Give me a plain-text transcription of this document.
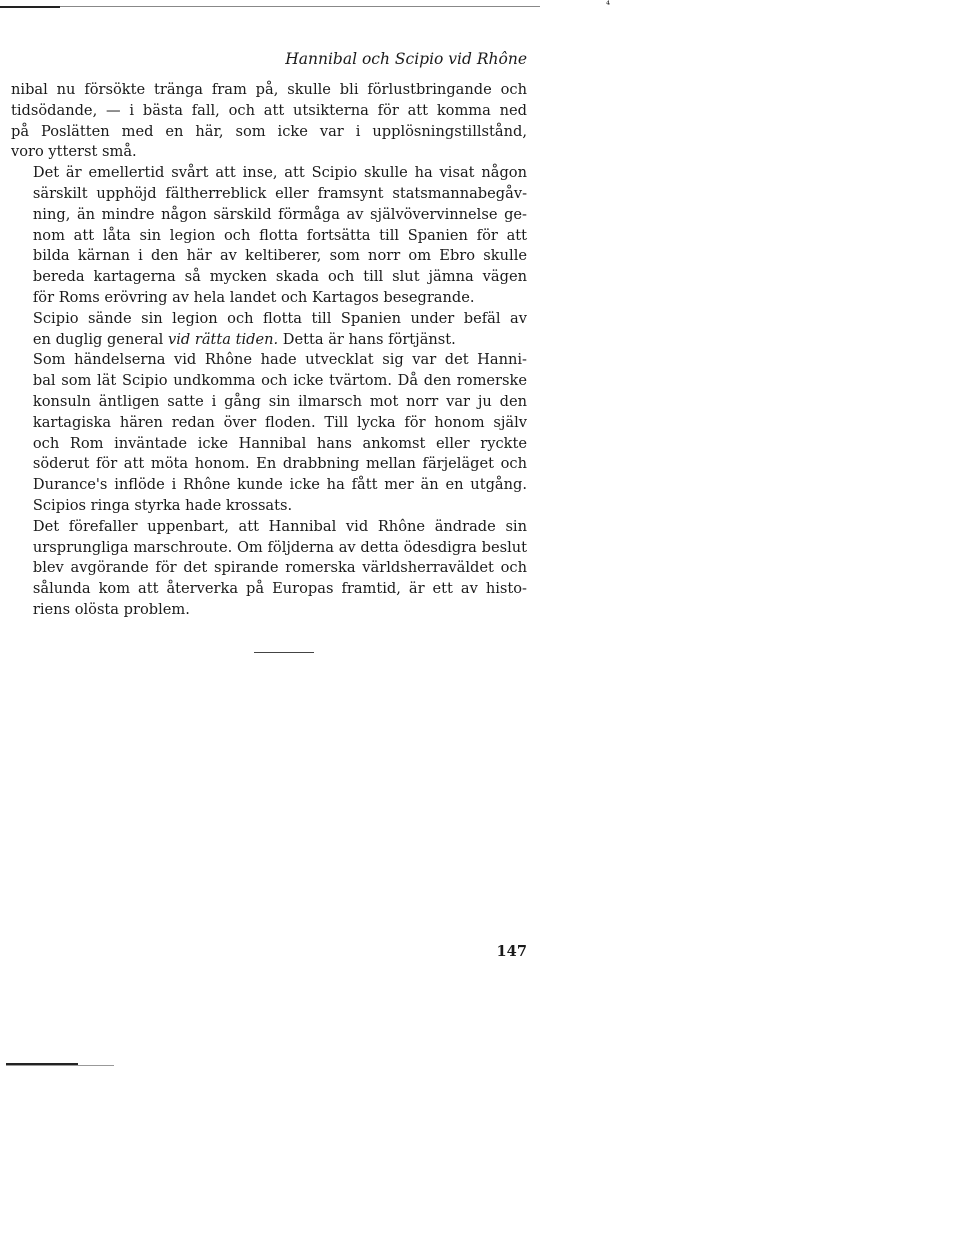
⁴
Hannibal och Scipio vid Rhône

nibal nu försökte tränga fram på, skulle bli förlustbringande och
tidsödande, — i bästa fall, och att utsikterna för att komma ned
på Poslätten med en här, som icke var i upplösningstillstånd,
voro ytterst små.

Det är emellertid svårt att inse, att Scipio skulle ha visat någon
särskilt upphöjd fältherreblick eller framsynt statsmannabegåv-
ning, än mindre någon särskild förmåga av självövervinnelse ge-
nom att låta sin legion och flotta fortsätta till Spanien för att
bilda kärnan i den här av keltiberer, som norr om Ebro skulle
bereda kartagerna så mycken skada och till slut jämna vägen
för Roms erövring av hela landet och Kartagos besegrande.

Scipio sände sin legion och flotta till Spanien under befäl av
en duglig general vid rätta tiden. Detta är hans förtjänst.

Som händelserna vid Rhône hade utvecklat sig var det Hanni-
bal som lät Scipio undkomma och icke tvärtom. Då den romerske
konsuln äntligen satte i gång sin ilmarsch mot norr var ju den
kartagiska hären redan över floden. Till lycka för honom själv
och Rom inväntade icke Hannibal hans ankomst eller ryckte
söderut för att möta honom. En drabbning mellan färjeläget och
Durance's inflöde i Rhône kunde icke ha fått mer än en utgång.
Scipios ringa styrka hade krossats.

Det förefaller uppenbart, att Hannibal vid Rhône ändrade sin
ursprungliga marschroute. Om följderna av detta ödesdigra beslut
blev avgörande för det spirande romerska världsherraväldet och
sålunda kom att återverka på Europas framtid, är ett av histo-
riens olösta problem.

147
